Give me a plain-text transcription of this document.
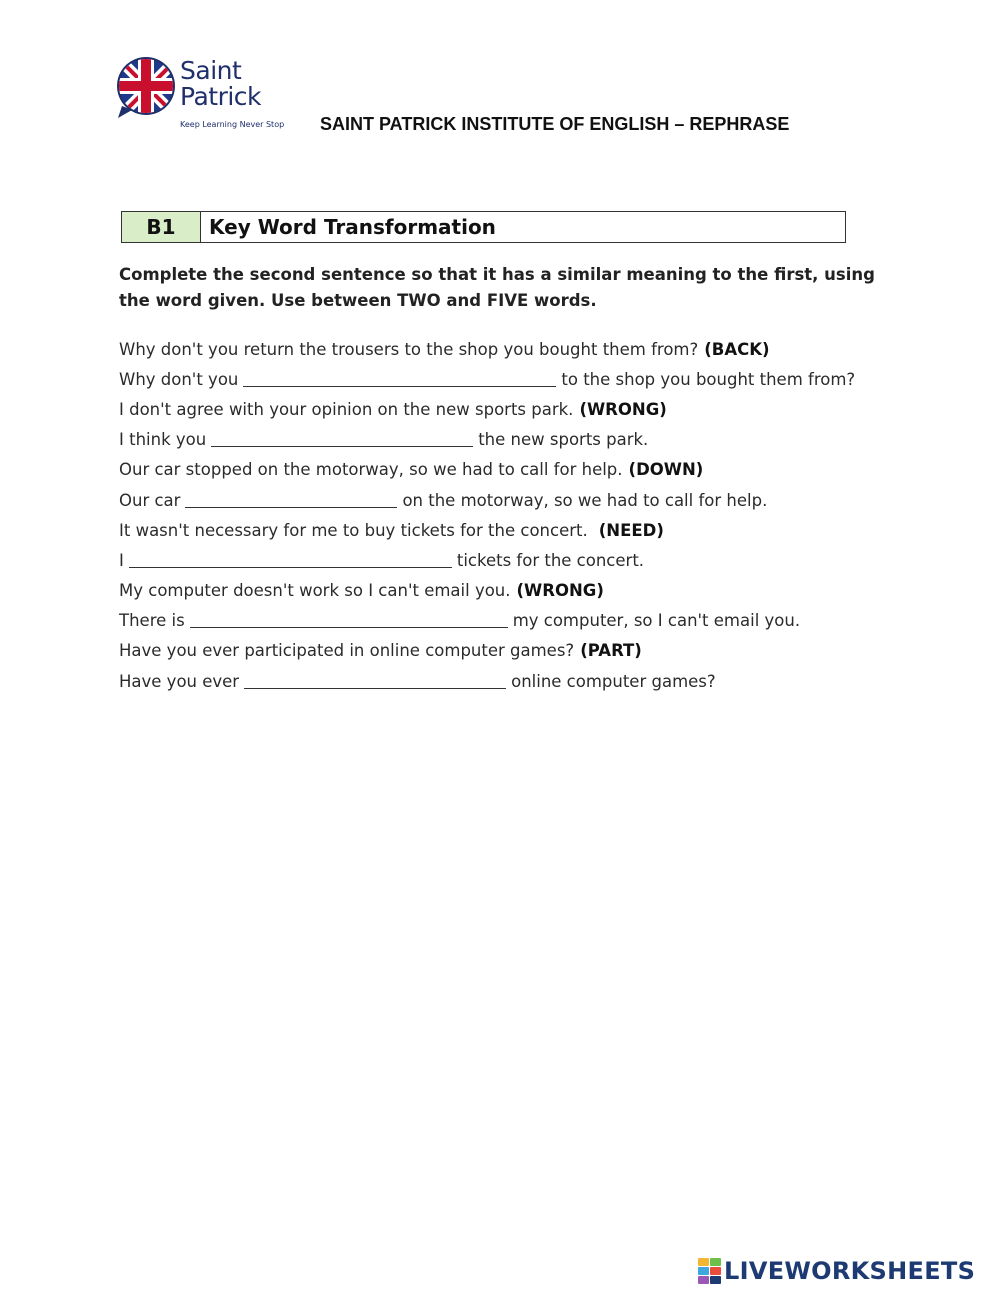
Saint
Patrick
Keep Learning Never Stop SAINT PATRICK INSTITUTE OF ENGLISH – REPHRASE
B1	Key Word Transformation
Complete the second sentence so that it has a similar meaning to the first, using the word given. Use between TWO and FIVE words.
Why don't you return the trousers to the shop you bought them from? (BACK)
Why don't you	to the shop you bought them from?
I don't agree with your opinion on the new sports park. (WRONG)
I think you	the new sports park.
Our car stopped on the motorway, so we had to call for help. (DOWN)
Our car	on the motorway, so we had to call for help.
It wasn't necessary for me to buy tickets for the concert. (NEED)
I	tickets for the concert.
My computer doesn't work so I can't email you. (WRONG)
There is	my computer, so I can't email you.
Have you ever participated in online computer games? (PART)
Have you ever	online computer games?
LIVEWORKSHEETS
